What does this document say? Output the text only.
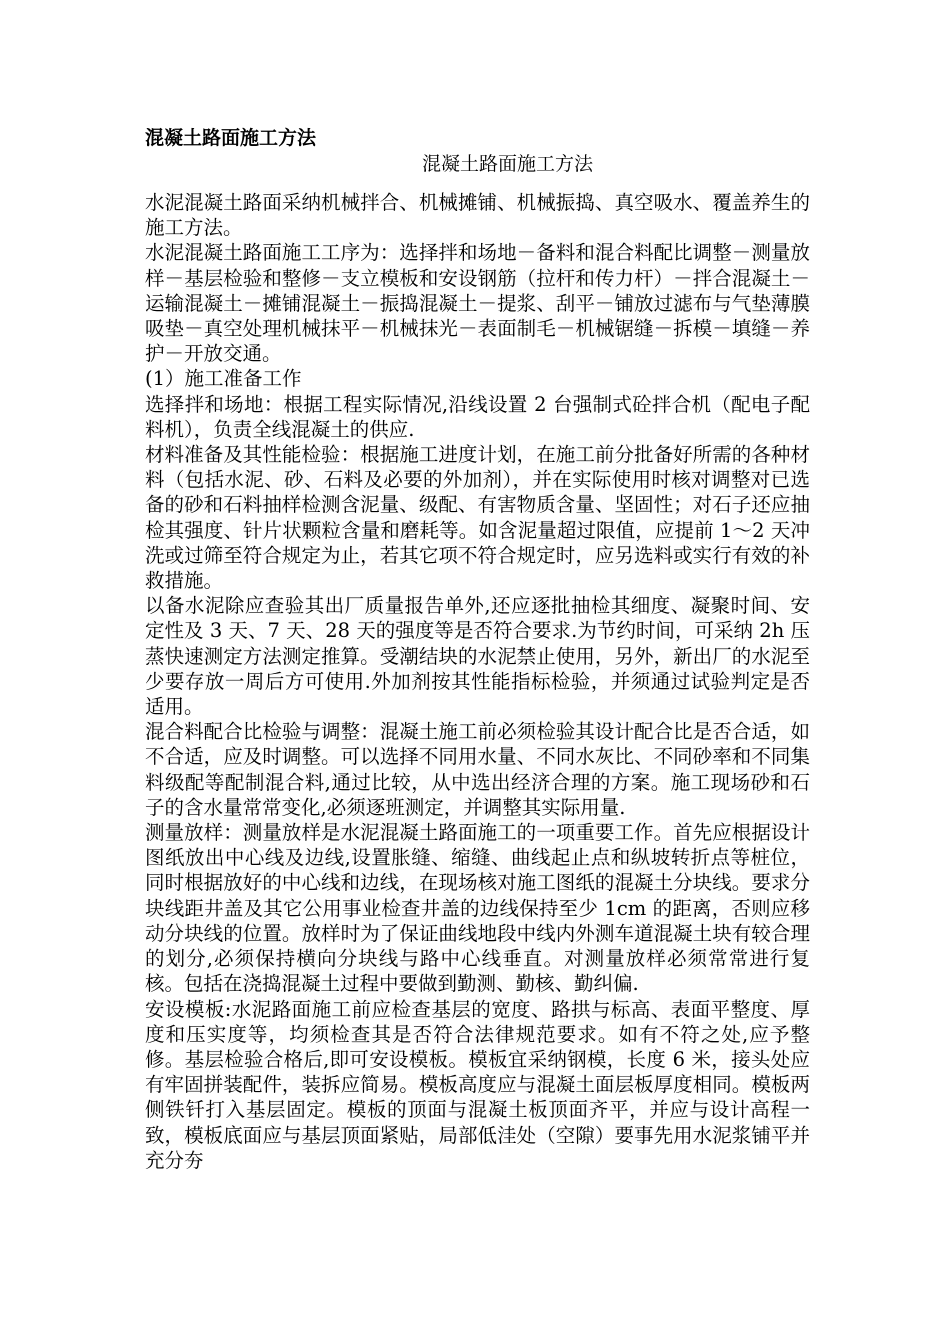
混凝土路面施工方法
混凝土路面施工方法

水泥混凝土路面采纳机械拌合、机械摊铺、机械振捣、真空吸水、覆盖养生的施工方法。

水泥混凝土路面施工工序为：选择拌和场地－备料和混合料配比调整－测量放样－基层检验和整修－支立模板和安设钢筋（拉杆和传力杆）－拌合混凝土－运输混凝土－摊铺混凝土－振捣混凝土－提浆、刮平－铺放过滤布与气垫薄膜吸垫－真空处理机械抹平－机械抹光－表面制毛－机械锯缝－拆模－填缝－养护－开放交通。

(1）施工准备工作

选择拌和场地：根据工程实际情况,沿线设置 2 台强制式砼拌合机（配电子配料机），负责全线混凝土的供应.

材料准备及其性能检验：根据施工进度计划，在施工前分批备好所需的各种材料（包括水泥、砂、石料及必要的外加剂），并在实际使用时核对调整对已选备的砂和石料抽样检测含泥量、级配、有害物质含量、坚固性；对石子还应抽检其强度、针片状颗粒含量和磨耗等。如含泥量超过限值，应提前 1～2 天冲洗或过筛至符合规定为止，若其它项不符合规定时，应另选料或实行有效的补救措施。

以备水泥除应查验其出厂质量报告单外,还应逐批抽检其细度、凝聚时间、安定性及 3 天、7 天、28 天的强度等是否符合要求.为节约时间，可采纳 2h 压蒸快速测定方法测定推算。受潮结块的水泥禁止使用，另外，新出厂的水泥至少要存放一周后方可使用.外加剂按其性能指标检验，并须通过试验判定是否适用。

混合料配合比检验与调整：混凝土施工前必须检验其设计配合比是否合适，如不合适，应及时调整。可以选择不同用水量、不同水灰比、不同砂率和不同集料级配等配制混合料,通过比较，从中选出经济合理的方案。施工现场砂和石子的含水量常常变化,必须逐班测定，并调整其实际用量.

测量放样：测量放样是水泥混凝土路面施工的一项重要工作。首先应根据设计图纸放出中心线及边线,设置胀缝、缩缝、曲线起止点和纵坡转折点等桩位，同时根据放好的中心线和边线，在现场核对施工图纸的混凝土分块线。要求分块线距井盖及其它公用事业检查井盖的边线保持至少 1cm 的距离，否则应移动分块线的位置。放样时为了保证曲线地段中线内外测车道混凝土块有较合理的划分,必须保持横向分块线与路中心线垂直。对测量放样必须常常进行复核。包括在浇捣混凝土过程中要做到勤测、勤核、勤纠偏.

安设模板:水泥路面施工前应检查基层的宽度、路拱与标高、表面平整度、厚度和压实度等，均须检查其是否符合法律规范要求。如有不符之处,应予整修。基层检验合格后,即可安设模板。模板宜采纳钢模，长度 6 米，接头处应有牢固拼装配件，装拆应简易。模板高度应与混凝土面层板厚度相同。模板两侧铁钎打入基层固定。模板的顶面与混凝土板顶面齐平，并应与设计高程一致，模板底面应与基层顶面紧贴，局部低洼处（空隙）要事先用水泥浆铺平并充分夯
